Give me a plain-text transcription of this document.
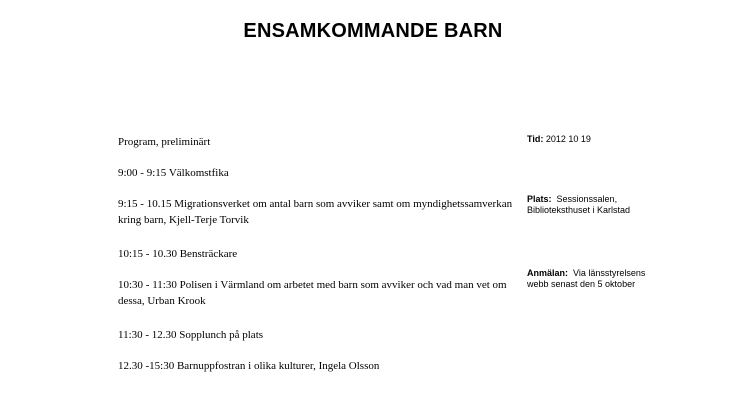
ENSAMKOMMANDE BARN

Program, preliminärt

9:00 - 9:15 Välkomstfika

9:15 - 10.15 Migrationsverket om antal barn som avviker samt om myndighetssamverkan kring barn, Kjell-Terje Torvik

10:15 - 10.30 Bensträckare

10:30 - 11:30 Polisen i Värmland om arbetet med barn som avviker och vad man vet om dessa, Urban Krook

11:30 - 12.30 Sopplunch på plats

12.30 -15:30 Barnuppfostran i olika kulturer, Ingela Olsson

Tid: 2012 10 19
Plats: Sessionssalen, Biblioteksthuset i Karlstad
Anmälan: Via länsstyrelsens webb senast den 5 oktober
